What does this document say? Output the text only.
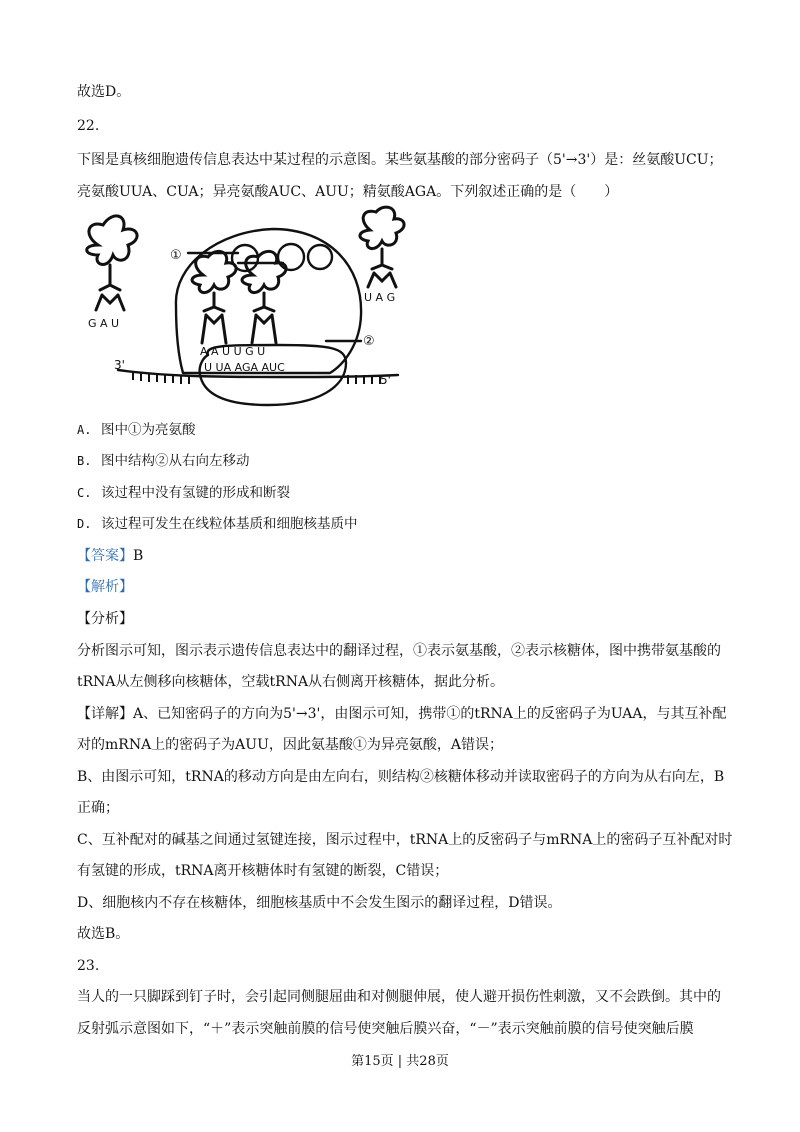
故选D。
22.
下图是真核细胞遗传信息表达中某过程的示意图。某些氨基酸的部分密码子（5'→3'）是：丝氨酸UCU；
亮氨酸UUA、CUA；异亮氨酸AUC、AUU；精氨酸AGA。下列叙述正确的是（　　）
①
②
G A U
U A G
A A U U G U
U UA AGA AUC
3'
5'
A. 图中①为亮氨酸
B. 图中结构②从右向左移动
C. 该过程中没有氢键的形成和断裂
D. 该过程可发生在线粒体基质和细胞核基质中
【答案】B
【解析】
【分析】
分析图示可知，图示表示遗传信息表达中的翻译过程，①表示氨基酸，②表示核糖体，图中携带氨基酸的
tRNA从左侧移向核糖体，空载tRNA从右侧离开核糖体，据此分析。
【详解】A、已知密码子的方向为5'→3'，由图示可知，携带①的tRNA上的反密码子为UAA，与其互补配
对的mRNA上的密码子为AUU，因此氨基酸①为异亮氨酸，A错误；
B、由图示可知，tRNA的移动方向是由左向右，则结构②核糖体移动并读取密码子的方向为从右向左，B
正确；
C、互补配对的碱基之间通过氢键连接，图示过程中，tRNA上的反密码子与mRNA上的密码子互补配对时
有氢键的形成，tRNA离开核糖体时有氢键的断裂，C错误；
D、细胞核内不存在核糖体，细胞核基质中不会发生图示的翻译过程，D错误。
故选B。
23.
当人的一只脚踩到钉子时，会引起同侧腿屈曲和对侧腿伸展，使人避开损伤性刺激，又不会跌倒。其中的
反射弧示意图如下，“＋”表示突触前膜的信号使突触后膜兴奋，“－”表示突触前膜的信号使突触后膜
第15页 | 共28页
